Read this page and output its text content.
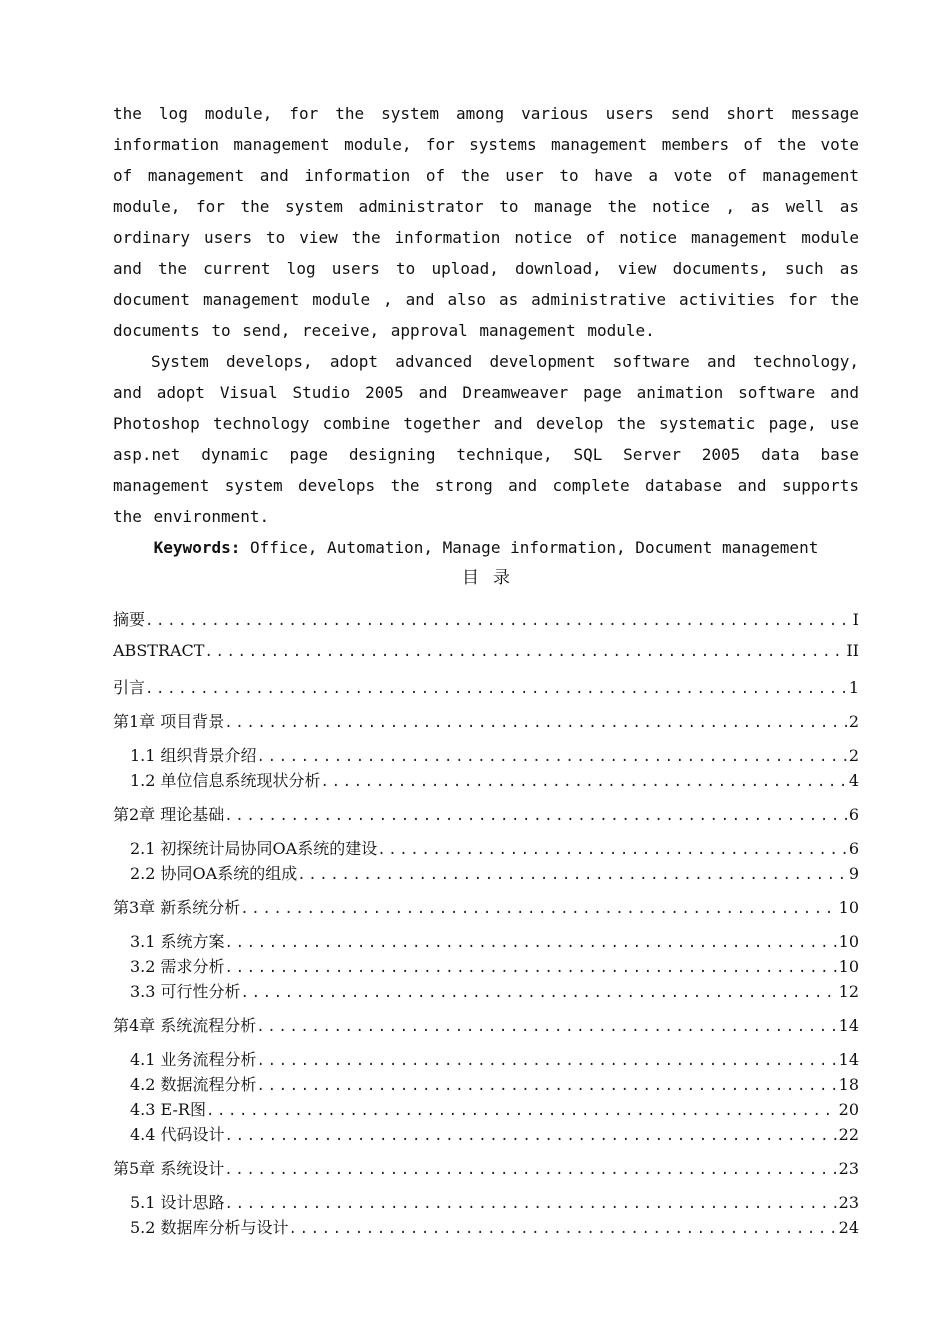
the log module, for the system among various users send short message information management module, for systems management members of the vote of management and information of the user to have a vote of management module, for the system administrator to manage the notice , as well as ordinary users to view the information notice of notice management module and the current log users to upload, download, view documents, such as document management module , and also as administrative activities for the documents to send, receive, approval management module.

System develops, adopt advanced development software and technology, and adopt Visual Studio 2005 and Dreamweaver page animation software and Photoshop technology combine together and develop the systematic page, use asp.net dynamic page designing technique, SQL Server 2005 data base management system develops the strong and complete database and supports the environment.

Keywords: Office, Automation, Manage information, Document management

目录

摘要 .....	I
ABSTRACT .....	II
引言 .....	1
第1章 项目背景 .....	2
1.1 组织背景介绍 .....	2
1.2 单位信息系统现状分析 .....	4
第2章 理论基础 .....	6
2.1 初探统计局协同OA系统的建设 .....	6
2.2 协同OA系统的组成 .....	9
第3章 新系统分析 .....	10
3.1 系统方案 .....	10
3.2 需求分析 .....	10
3.3 可行性分析 .....	12
第4章 系统流程分析 .....	14
4.1 业务流程分析 .....	14
4.2 数据流程分析 .....	18
4.3 E-R图 .....	20
4.4 代码设计 .....	22
第5章 系统设计 .....	23
5.1 设计思路 .....	23
5.2 数据库分析与设计 .....	24
